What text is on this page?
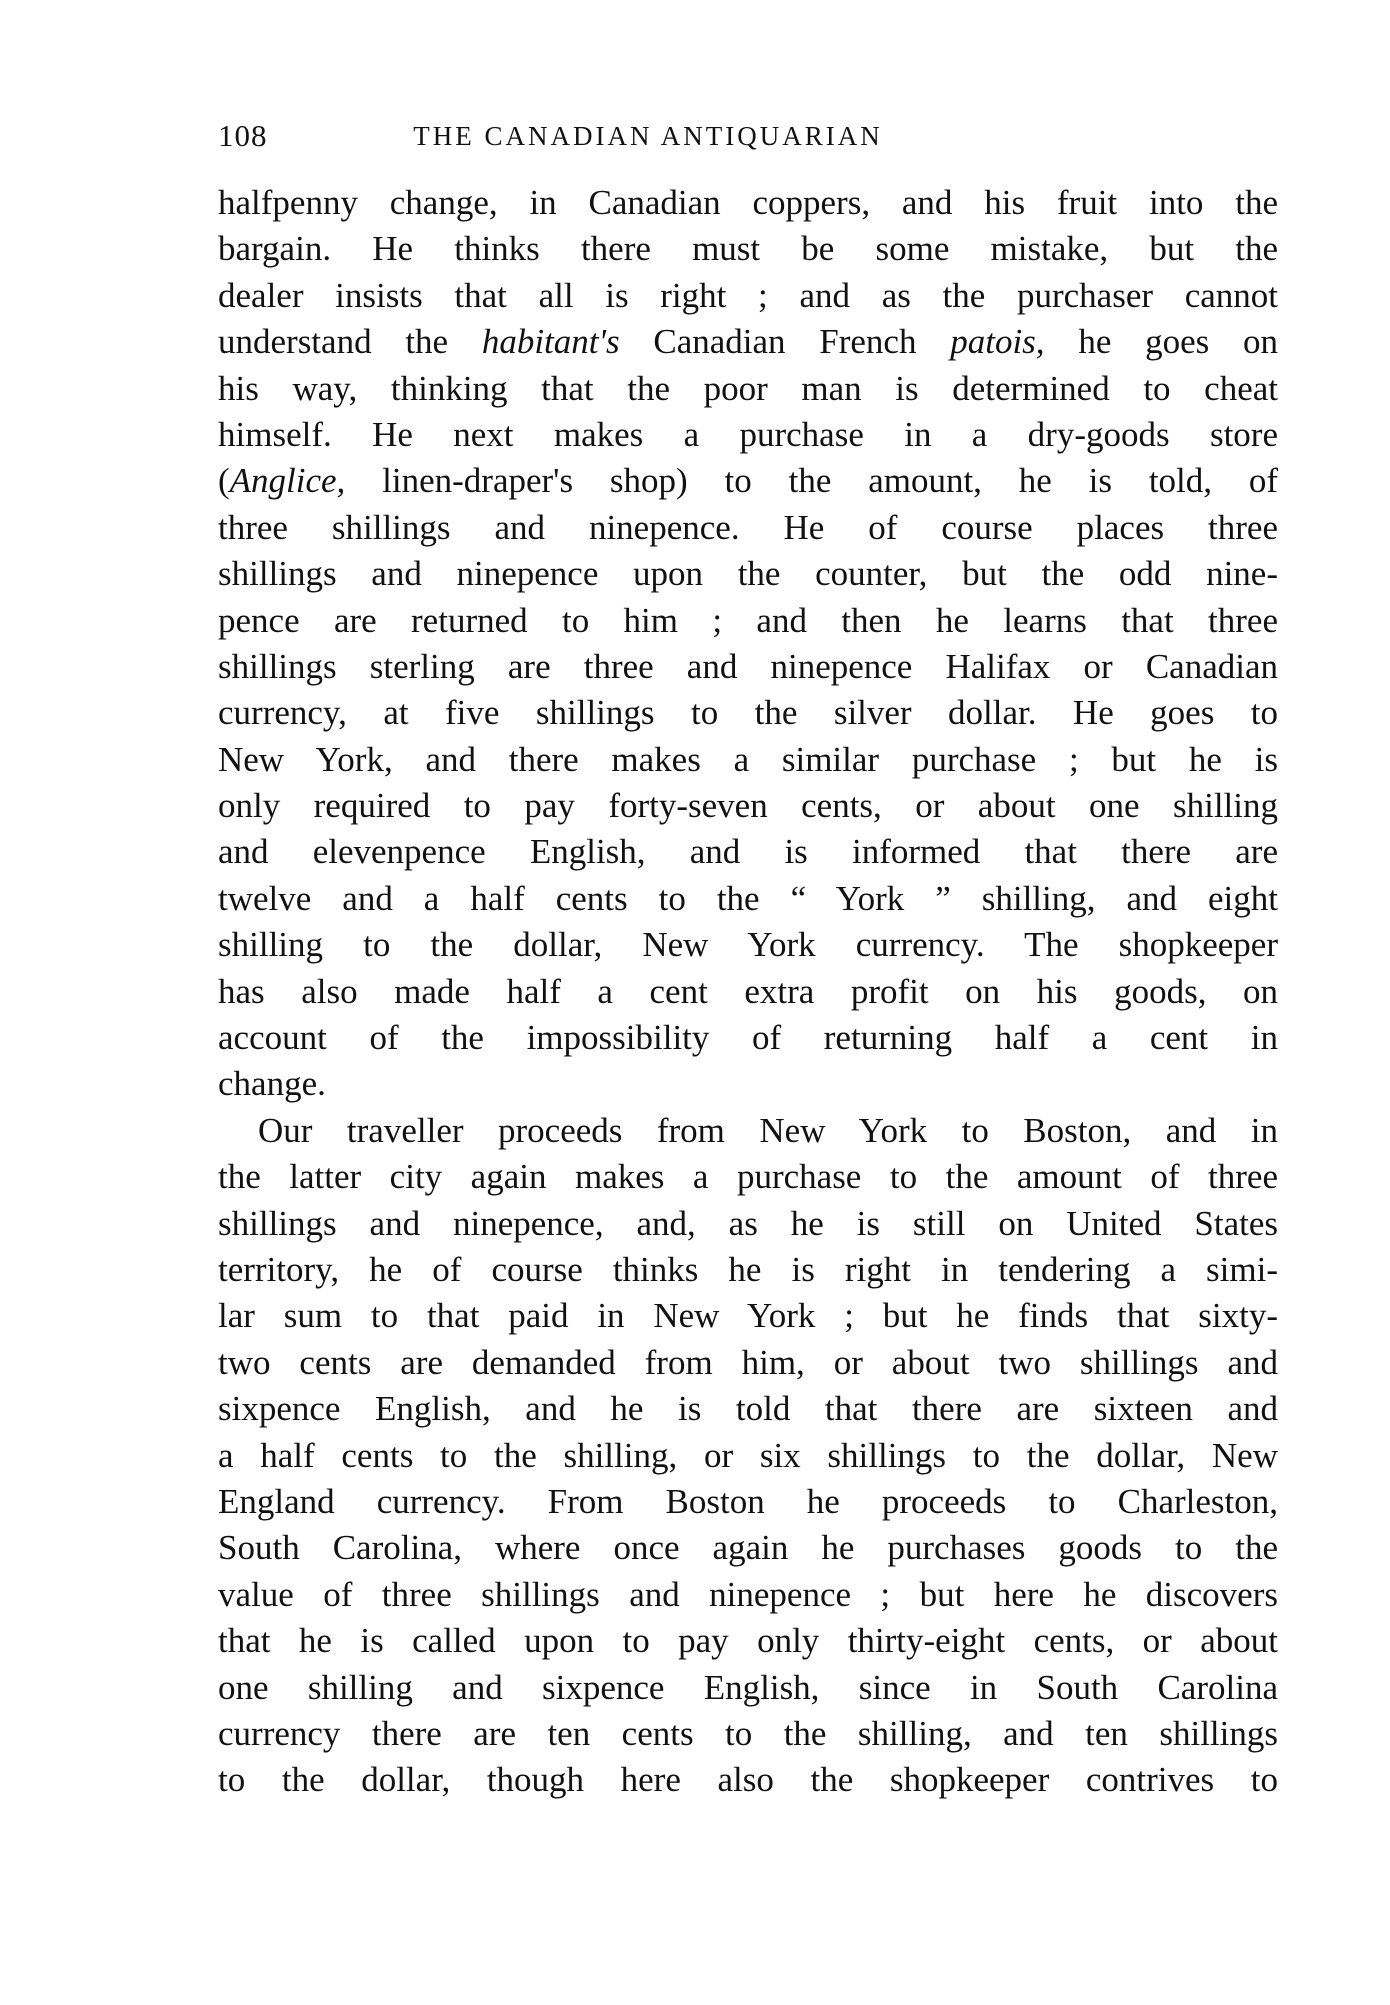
108	THE CANADIAN ANTIQUARIAN
halfpenny change, in Canadian coppers, and his fruit into the
bargain. He thinks there must be some mistake, but the
dealer insists that all is right ; and as the purchaser cannot
understand the habitant's Canadian French patois, he goes on
his way, thinking that the poor man is determined to cheat
himself. He next makes a purchase in a dry-goods store
(Anglice, linen-draper's shop) to the amount, he is told, of
three shillings and ninepence. He of course places three
shillings and ninepence upon the counter, but the odd nine-
pence are returned to him ; and then he learns that three
shillings sterling are three and ninepence Halifax or Canadian
currency, at five shillings to the silver dollar. He goes to
New York, and there makes a similar purchase ; but he is
only required to pay forty-seven cents, or about one shilling
and elevenpence English, and is informed that there are
twelve and a half cents to the “ York ” shilling, and eight
shilling to the dollar, New York currency. The shopkeeper
has also made half a cent extra profit on his goods, on
account of the impossibility of returning half a cent in
change.
Our traveller proceeds from New York to Boston, and in
the latter city again makes a purchase to the amount of three
shillings and ninepence, and, as he is still on United States
territory, he of course thinks he is right in tendering a simi-
lar sum to that paid in New York ; but he finds that sixty-
two cents are demanded from him, or about two shillings and
sixpence English, and he is told that there are sixteen and
a half cents to the shilling, or six shillings to the dollar, New
England currency. From Boston he proceeds to Charleston,
South Carolina, where once again he purchases goods to the
value of three shillings and ninepence ; but here he discovers
that he is called upon to pay only thirty-eight cents, or about
one shilling and sixpence English, since in South Carolina
currency there are ten cents to the shilling, and ten shillings
to the dollar, though here also the shopkeeper contrives to
